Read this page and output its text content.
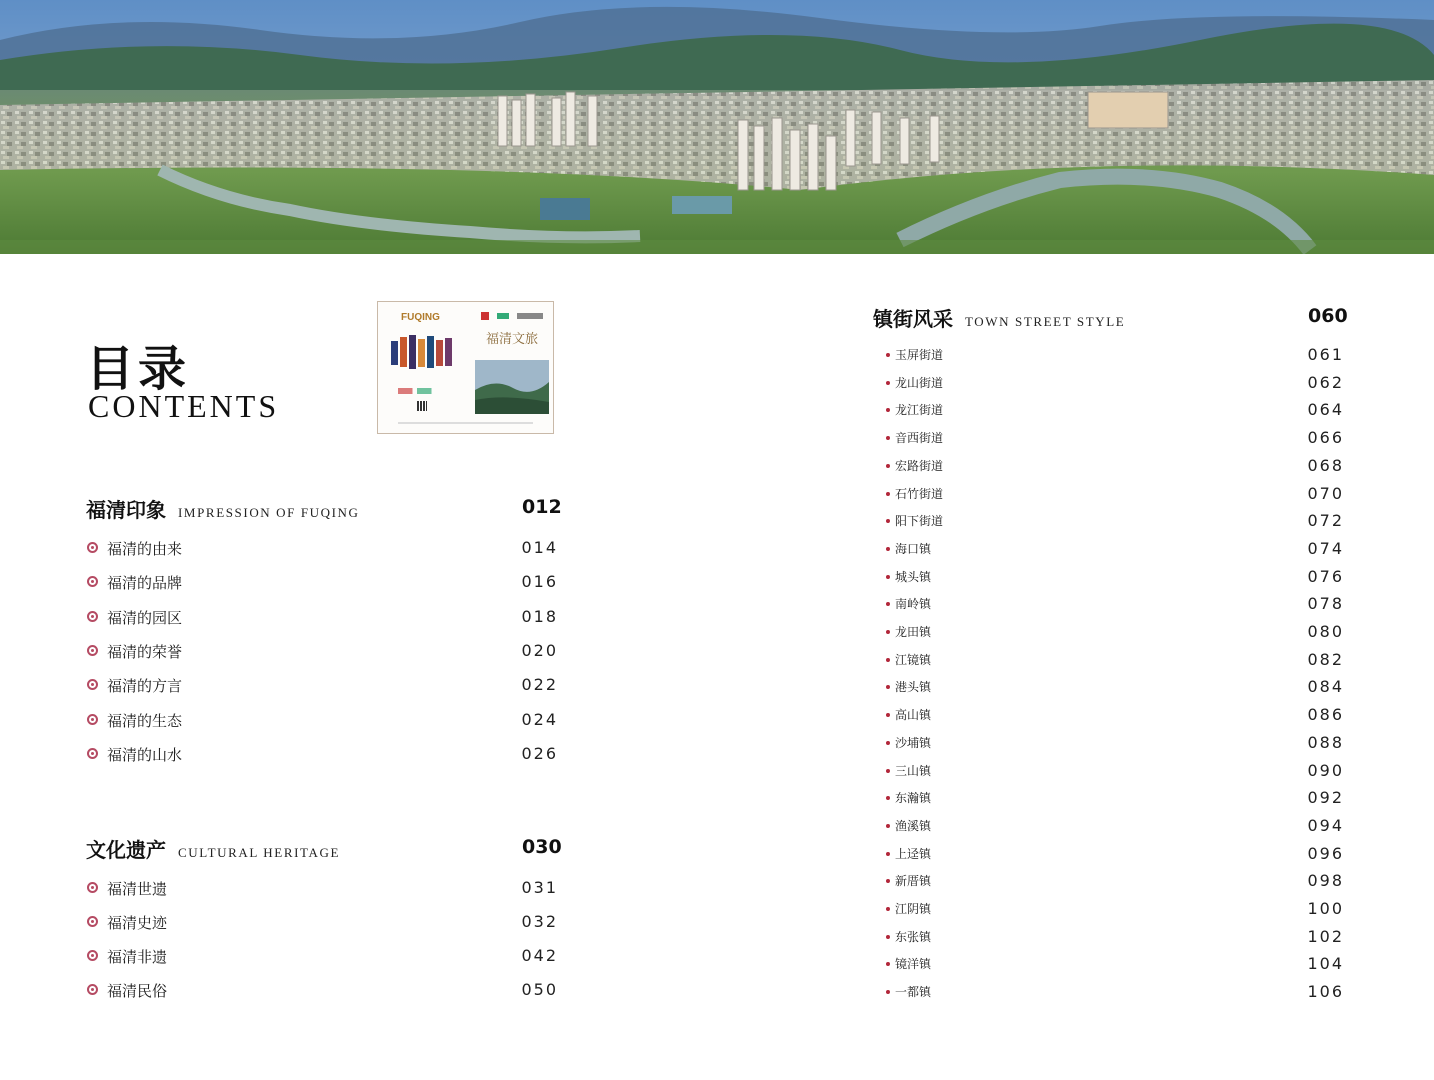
目录
CONTENTS
FUQING
福清文旅
福清印象 IMPRESSION OF FUQING	012
福清的由来	014
福清的品牌	016
福清的园区	018
福清的荣誉	020
福清的方言	022
福清的生态	024
福清的山水	026
文化遗产 CULTURAL HERITAGE	030
福清世遗	031
福清史迹	032
福清非遗	042
福清民俗	050
镇街风采 TOWN STREET STYLE	060
玉屏街道	061
龙山街道	062
龙江街道	064
音西街道	066
宏路街道	068
石竹街道	070
阳下街道	072
海口镇	074
城头镇	076
南岭镇	078
龙田镇	080
江镜镇	082
港头镇	084
高山镇	086
沙埔镇	088
三山镇	090
东瀚镇	092
渔溪镇	094
上迳镇	096
新厝镇	098
江阴镇	100
东张镇	102
镜洋镇	104
一都镇	106
